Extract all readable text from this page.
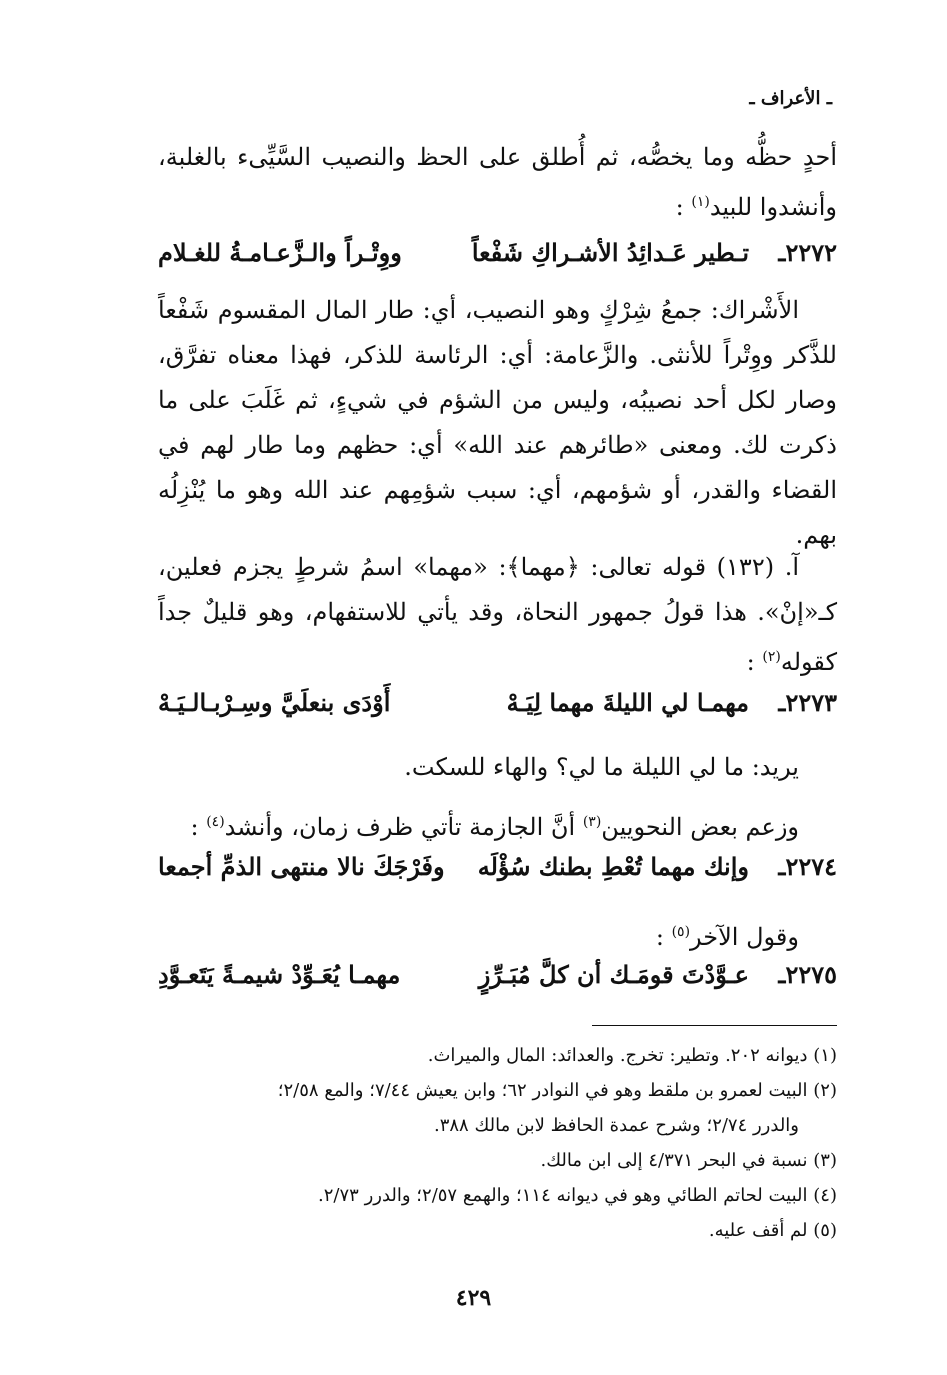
ـ الأعراف ـ
أحدٍ حظُّه وما يخصُّه، ثم أُطلق على الحظ والنصيب السَّيِّىء بالغلبة، وأنشدوا للبيد$^{(١)}$ :
٢٢٧٢ـ
تـطير عَـدائِدُ الأشـراكِ شَفْعاً
ووِتْـراً والـزَّعـامـةُ للغـلام
الأَشْراك: جمعُ شِرْكٍ وهو النصيب، أي: طار المال المقسوم شَفْعاً للذَّكر ووِتْراً للأنثى. والزَّعامة: أي: الرئاسة للذكر، فهذا معناه تفرَّق، وصار لكل أحد نصيبُه، وليس من الشؤم في شيءٍ، ثم غَلَبَ على ما ذكرت لك. ومعنى «طائرهم عند الله» أي: حظهم وما طار لهم في القضاء والقدر، أو شؤمهم، أي: سبب شؤمِهم عند الله وهو ما يُنْزِلُه بهم.
آ. (١٣٢) قوله تعالى: ﴿مهما﴾: «مهما» اسمُ شرطٍ يجزم فعلين، كـ«إنْ». هذا قولُ جمهور النحاة، وقد يأتي للاستفهام، وهو قليلٌ جداً كقوله$^{(٢)}$ :
٢٢٧٣ـ
مهمـا لي الليلةَ مهما لِيَـهْ
أَوْدَى بنعلَيَّ وسِـرْبـالـيَـهْ
يريد: ما لي الليلة ما لي؟ والهاء للسكت.
وزعم بعض النحويين$^{(٣)}$ أنَّ الجازمة تأتي ظرف زمان، وأنشد$^{(٤)}$ :
٢٢٧٤ـ
وإنك مهما تُعْطِ بطنك سُؤْلَه
وفَرْجَكَ نالا منتهى الذمِّ أجمعا
وقول الآخر$^{(٥)}$ :
٢٢٧٥ـ
عـوَّدْتَ قومَـك أن كلَّ مُبَـرِّزٍ
مهمـا يُعَـوِّدْ شيمـةً يَتَعـوَّدِ

(١) ديوانه ٢٠٢. وتطير: تخرج. والعدائد: المال والميراث.

(٢) البيت لعمرو بن ملقط وهو في النوادر ٦٢؛ وابن يعيش ٧/٤٤؛ والمع ٢/٥٨؛
والدرر ٢/٧٤؛ وشرح عمدة الحافظ لابن مالك ٣٨٨.

(٣) نسبة في البحر ٤/٣٧١ إلى ابن مالك.

(٤) البيت لحاتم الطائي وهو في ديوانه ١١٤؛ والهمع ٢/٥٧؛ والدرر ٢/٧٣.

(٥) لم أقف عليه.

٤٢٩
